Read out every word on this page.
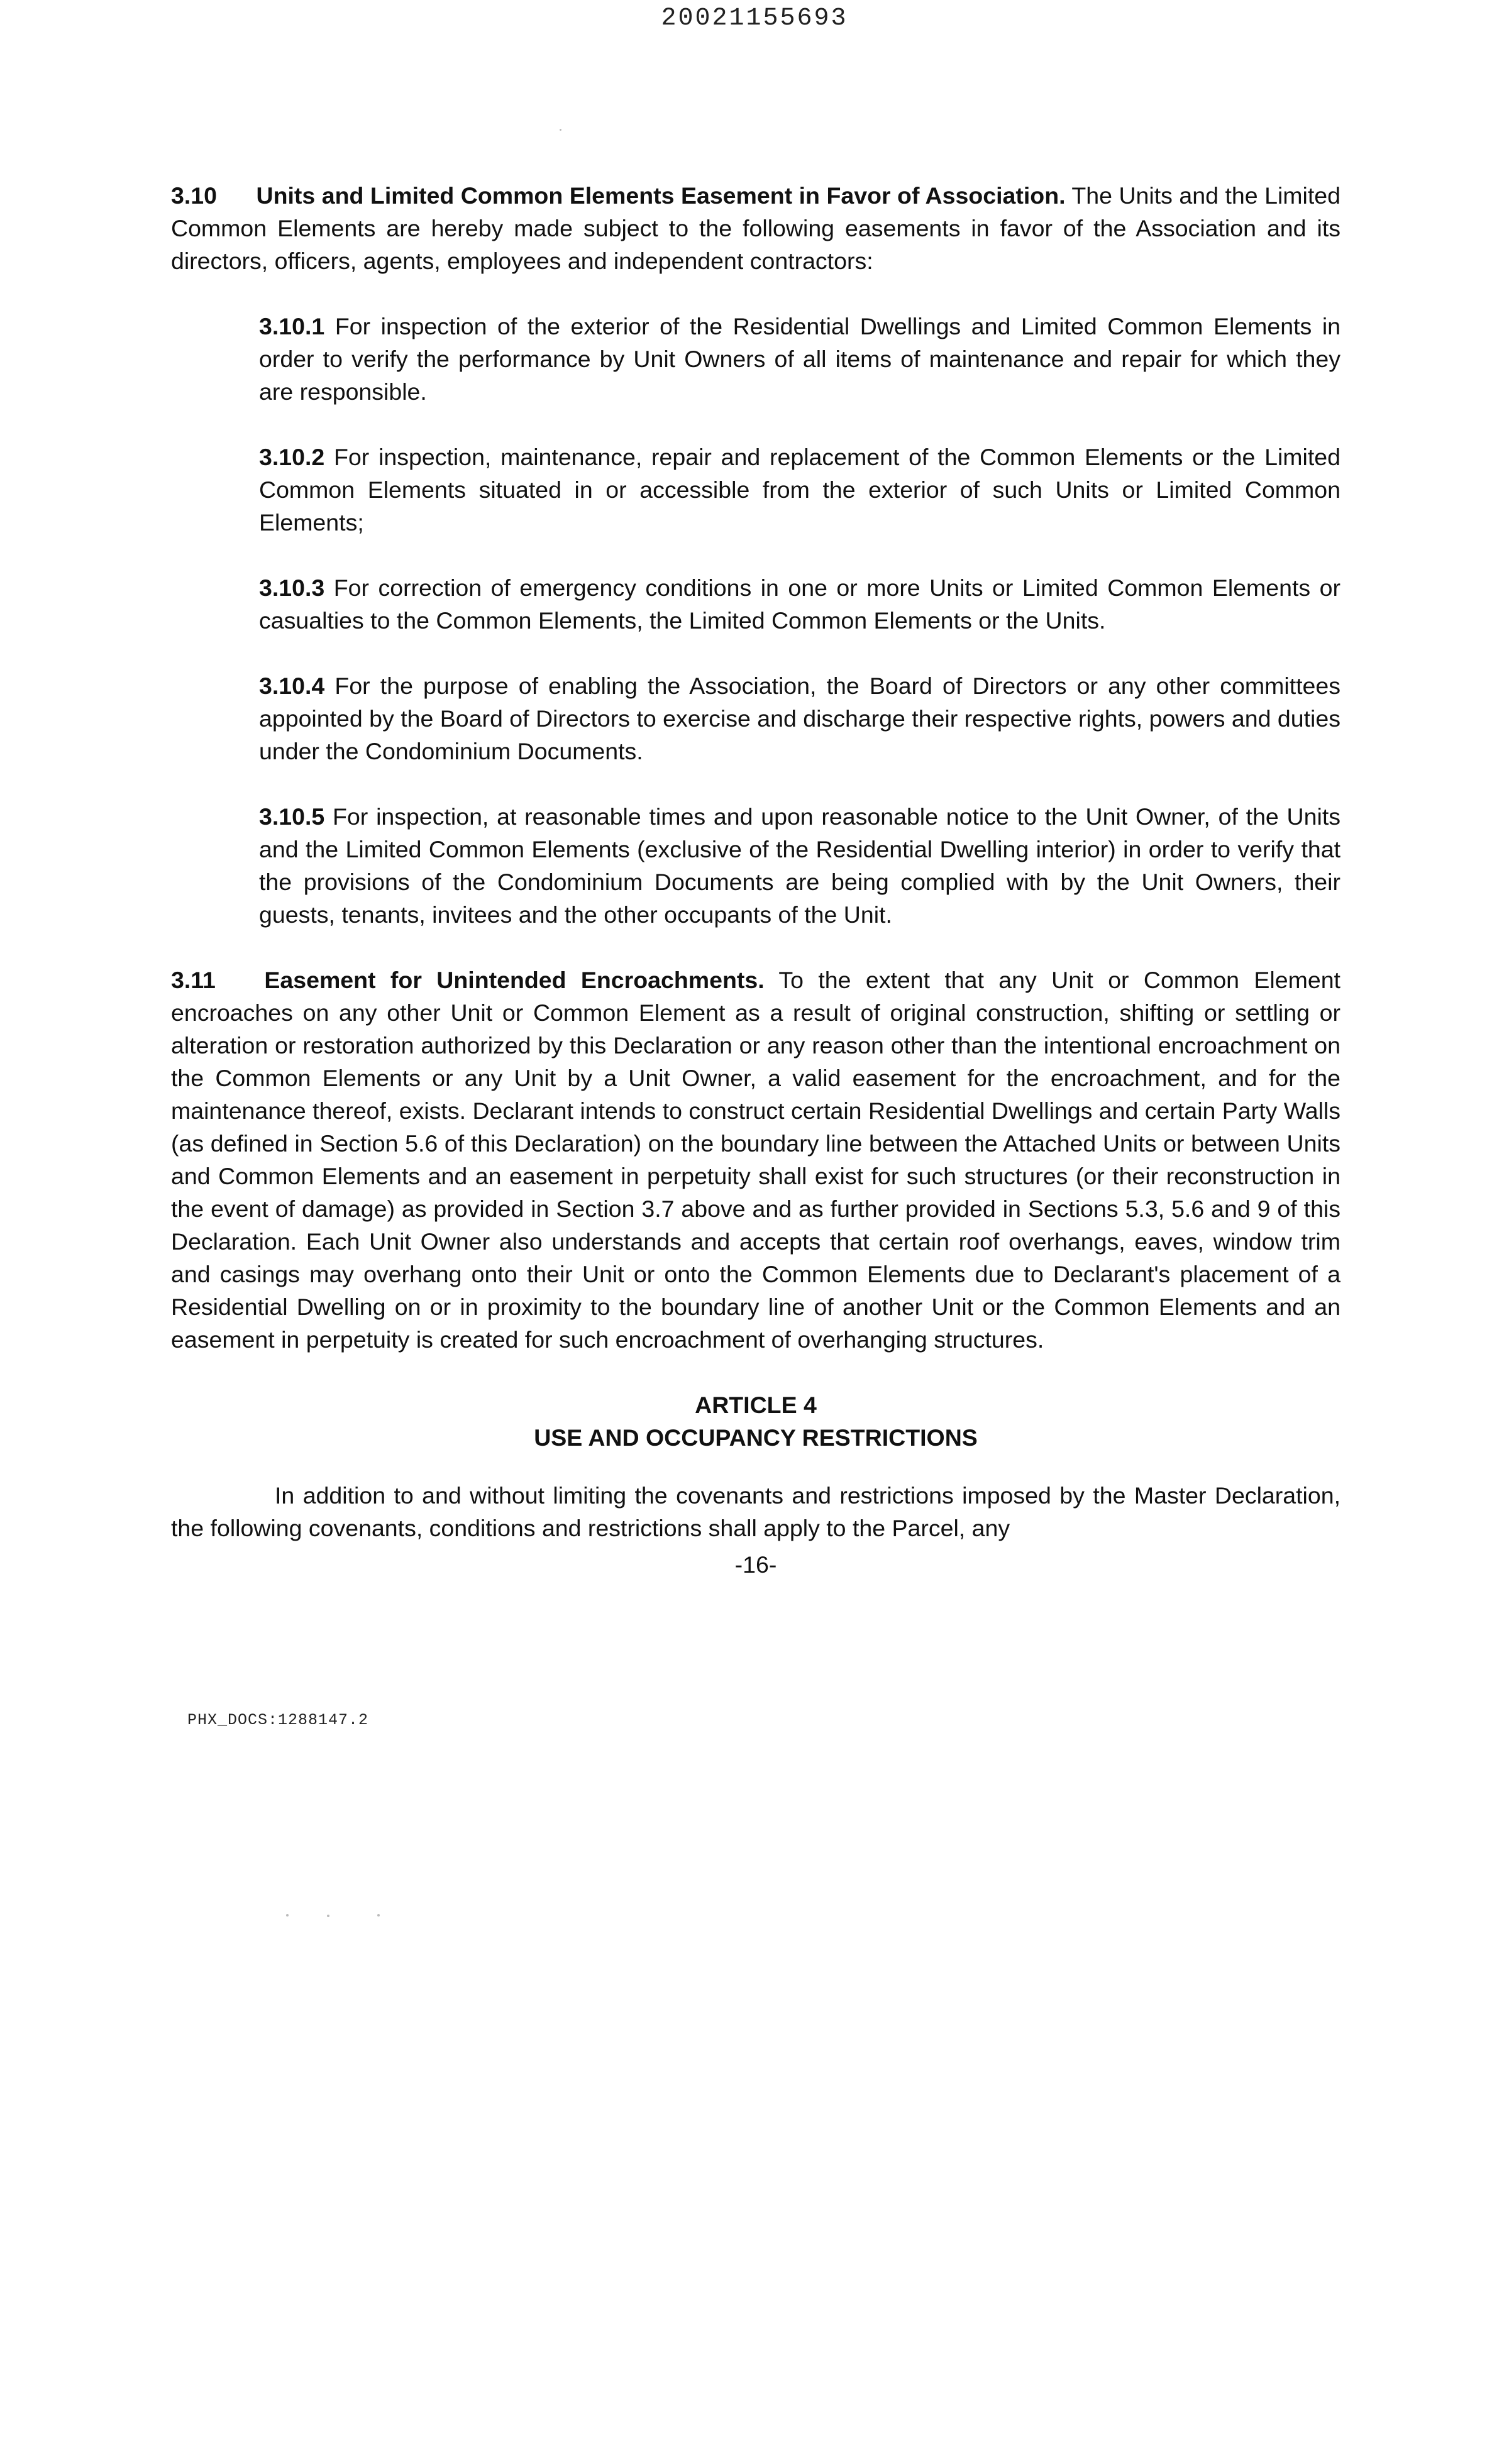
20021155693

3.10 Units and Limited Common Elements Easement in Favor of Association. The Units and the Limited Common Elements are hereby made subject to the following easements in favor of the Association and its directors, officers, agents, employees and independent contractors:

3.10.1 For inspection of the exterior of the Residential Dwellings and Limited Common Elements in order to verify the performance by Unit Owners of all items of maintenance and repair for which they are responsible.

3.10.2 For inspection, maintenance, repair and replacement of the Common Elements or the Limited Common Elements situated in or accessible from the exterior of such Units or Limited Common Elements;

3.10.3 For correction of emergency conditions in one or more Units or Limited Common Elements or casualties to the Common Elements, the Limited Common Elements or the Units.

3.10.4 For the purpose of enabling the Association, the Board of Directors or any other committees appointed by the Board of Directors to exercise and discharge their respective rights, powers and duties under the Condominium Documents.

3.10.5 For inspection, at reasonable times and upon reasonable notice to the Unit Owner, of the Units and the Limited Common Elements (exclusive of the Residential Dwelling interior) in order to verify that the provisions of the Condominium Documents are being complied with by the Unit Owners, their guests, tenants, invitees and the other occupants of the Unit.

3.11 Easement for Unintended Encroachments. To the extent that any Unit or Common Element encroaches on any other Unit or Common Element as a result of original construction, shifting or settling or alteration or restoration authorized by this Declaration or any reason other than the intentional encroachment on the Common Elements or any Unit by a Unit Owner, a valid easement for the encroachment, and for the maintenance thereof, exists. Declarant intends to construct certain Residential Dwellings and certain Party Walls (as defined in Section 5.6 of this Declaration) on the boundary line between the Attached Units or between Units and Common Elements and an easement in perpetuity shall exist for such structures (or their reconstruction in the event of damage) as provided in Section 3.7 above and as further provided in Sections 5.3, 5.6 and 9 of this Declaration. Each Unit Owner also understands and accepts that certain roof overhangs, eaves, window trim and casings may overhang onto their Unit or onto the Common Elements due to Declarant's placement of a Residential Dwelling on or in proximity to the boundary line of another Unit or the Common Elements and an easement in perpetuity is created for such encroachment of overhanging structures.

ARTICLE 4
USE AND OCCUPANCY RESTRICTIONS

In addition to and without limiting the covenants and restrictions imposed by the Master Declaration, the following covenants, conditions and restrictions shall apply to the Parcel, any

-16-
PHX_DOCS:1288147.2
